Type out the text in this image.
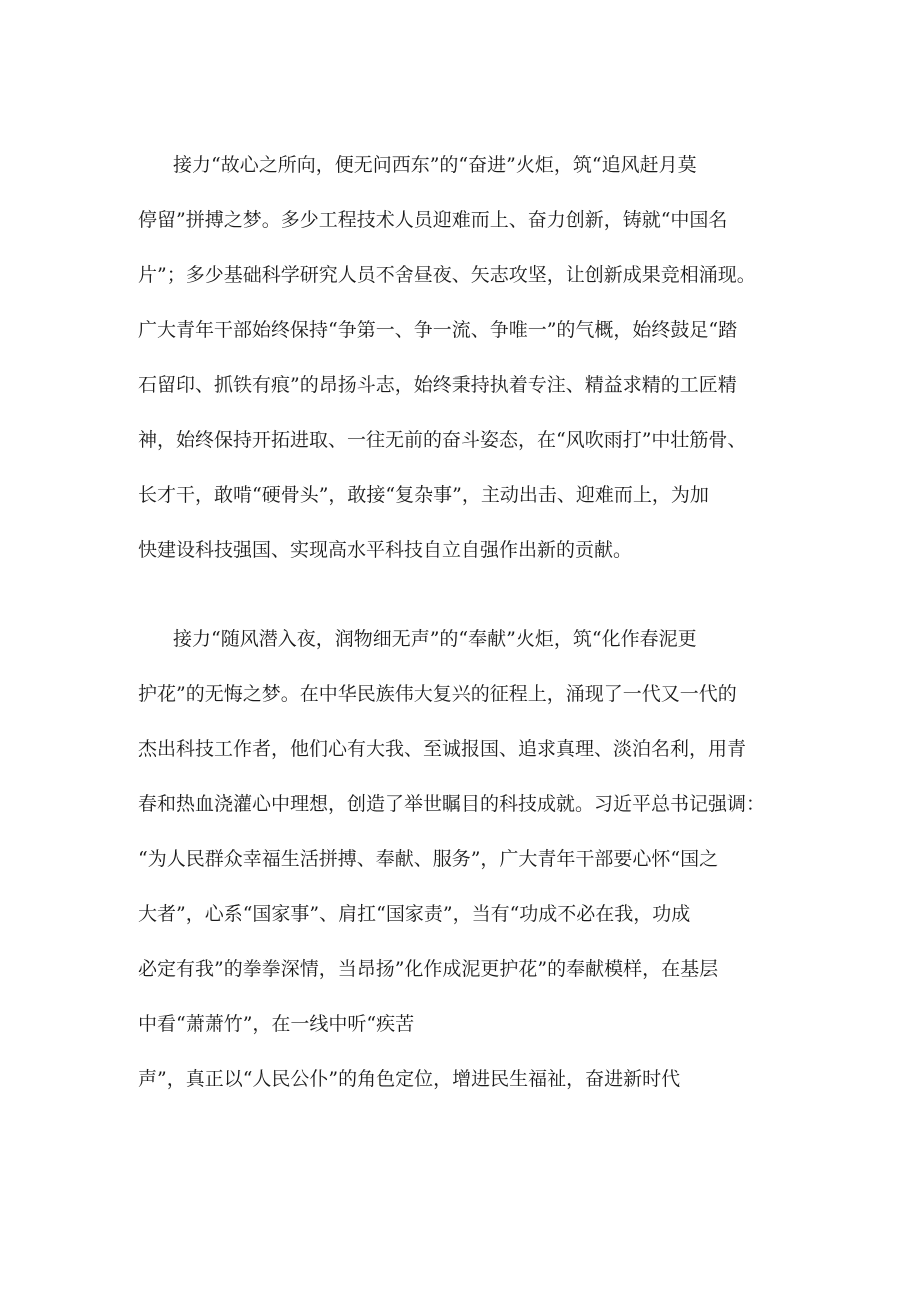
接力“故心之所向，便无问西东”的“奋进”火炬，筑“追风赶月莫
停留”拼搏之梦。多少工程技术人员迎难而上、奋力创新，铸就“中国名
片”；多少基础科学研究人员不舍昼夜、矢志攻坚，让创新成果竞相涌现。
广大青年干部始终保持“争第一、争一流、争唯一”的气概，始终鼓足“踏
石留印、抓铁有痕”的昂扬斗志，始终秉持执着专注、精益求精的工匠精
神，始终保持开拓进取、一往无前的奋斗姿态，在“风吹雨打”中壮筋骨、
长才干，敢啃“硬骨头”，敢接“复杂事”，主动出击、迎难而上，为加
快建设科技强国、实现高水平科技自立自强作出新的贡献。
接力“随风潜入夜，润物细无声”的“奉献”火炬，筑“化作春泥更
护花”的无悔之梦。在中华民族伟大复兴的征程上，涌现了一代又一代的
杰出科技工作者，他们心有大我、至诚报国、追求真理、淡泊名利，用青
春和热血浇灌心中理想，创造了举世瞩目的科技成就。习近平总书记强调：
“为人民群众幸福生活拼搏、奉献、服务”，广大青年干部要心怀“国之
大者”，心系“国家事”、肩扛“国家责”，当有“功成不必在我，功成
必定有我”的拳拳深情，当昂扬”化作成泥更护花”的奉献模样，在基层
中看“萧萧竹”，在一线中听“疾苦
声”，真正以“人民公仆”的角色定位，增进民生福祉，奋进新时代
